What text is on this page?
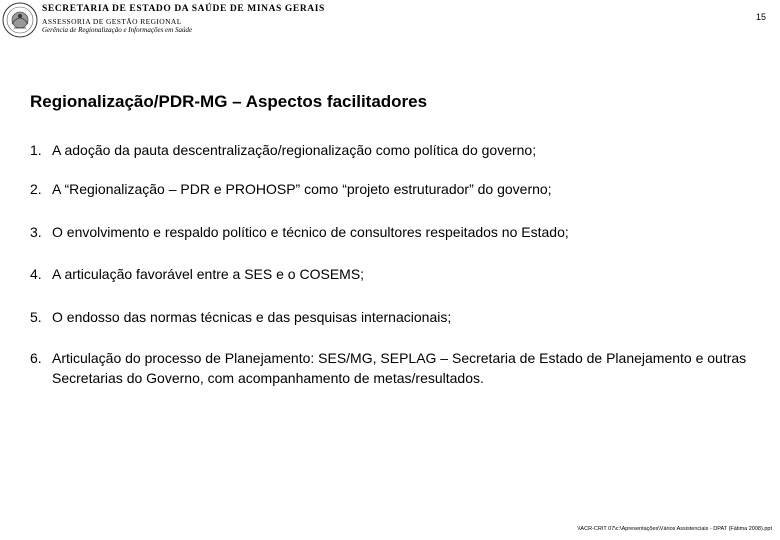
SECRETARIA DE ESTADO DA SAÚDE DE MINAS GERAIS
ASSESSORIA DE GESTÃO REGIONAL
Gerência de Regionalização e Informações em Saúde
15
Regionalização/PDR-MG – Aspectos facilitadores
1. A adoção da pauta descentralização/regionalização como política do governo;
2. A “Regionalização – PDR e PROHOSP” como “projeto estruturador” do governo;
3. O envolvimento e respaldo político e técnico de consultores respeitados no Estado;
4. A articulação favorável entre a SES e o COSEMS;
5. O endosso das normas técnicas e das pesquisas internacionais;
6. Articulação do processo de Planejamento: SES/MG, SEPLAG – Secretaria de Estado de Planejamento e outras Secretarias do Governo, com acompanhamento de metas/resultados.
\\ACR-CRIT 07\c:\Apresentações\Vários Assistenciais - DPAT (Fátima 2008).ppt
